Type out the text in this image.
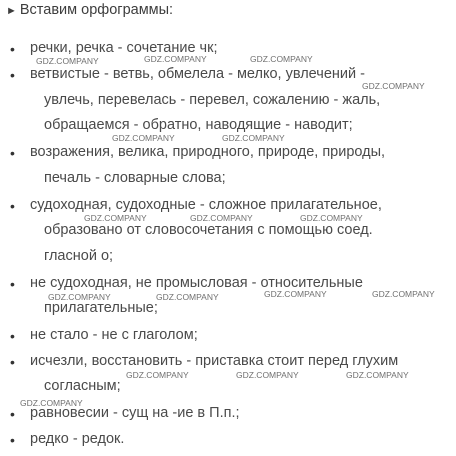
► Вставим орфограммы:
• речки, речка - сочетание чк;
• ветвистые - ветвь, обмелела - мелко, увлечений -
увлечь, перевелась - перевел, сожалению - жаль,
обращаемся - обратно, наводящие - наводит;
• возражения, велика, природного, природе, природы,
печаль - словарные слова;
• судоходная, судоходные - сложное прилагательное,
образовано от словосочетания с помощью соед.
гласной о;
• не судоходная, не промысловая - относительные
прилагательные;
• не стало - не с глаголом;
• исчезли, восстановить - приставка стоит перед глухим
согласным;
• равновесии - сущ на -ие в П.п.;
• редко - редок.
GDZ.COMPANY	GDZ.COMPANY	GDZ.COMPANY
GDZ.COMPANY
GDZ.COMPANY	GDZ.COMPANY
GDZ.COMPANY	GDZ.COMPANY	GDZ.COMPANY
GDZ.COMPANY	GDZ.COMPANY	GDZ.COMPANY	GDZ.COMPANY
GDZ.COMPANY	GDZ.COMPANY	GDZ.COMPANY
GDZ.COMPANY
